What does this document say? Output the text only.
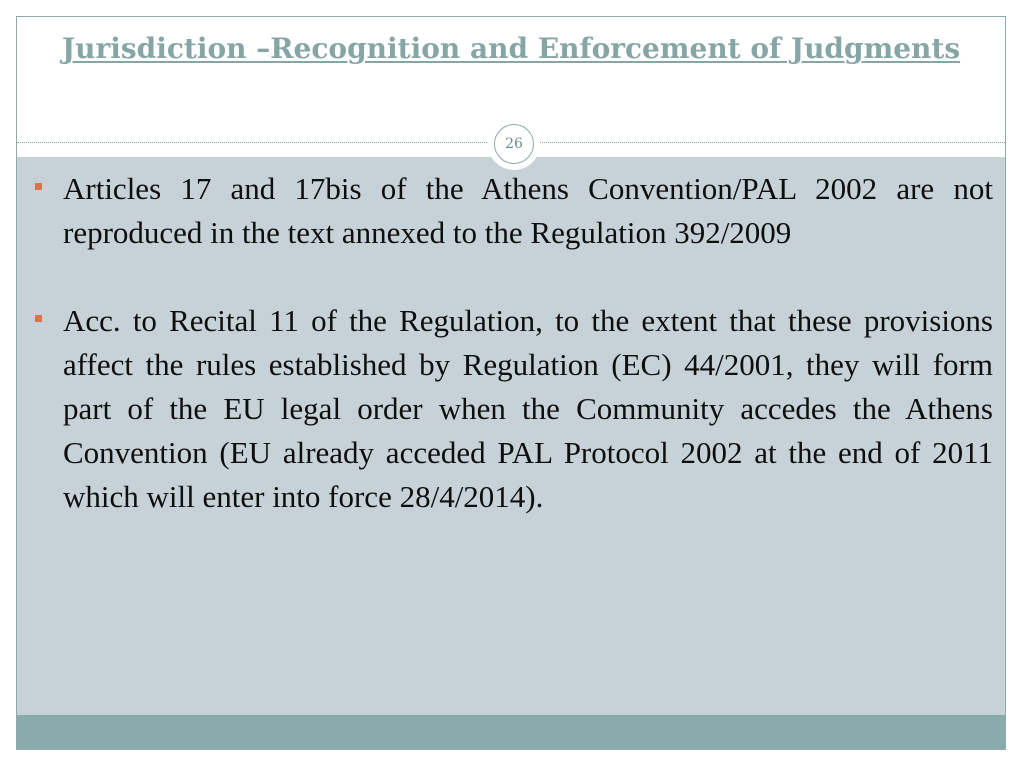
Jurisdiction –Recognition and Enforcement of Judgments
26
Articles 17 and 17bis of the Athens Convention/PAL 2002 are not reproduced in the text annexed to the Regulation 392/2009
Acc. to Recital 11 of the Regulation, to the extent that these provisions affect the rules established by Regulation (EC) 44/2001, they will form part of the EU legal order when the Community accedes the Athens Convention (EU already acceded PAL Protocol 2002 at the end of 2011 which will enter into force 28/4/2014).
